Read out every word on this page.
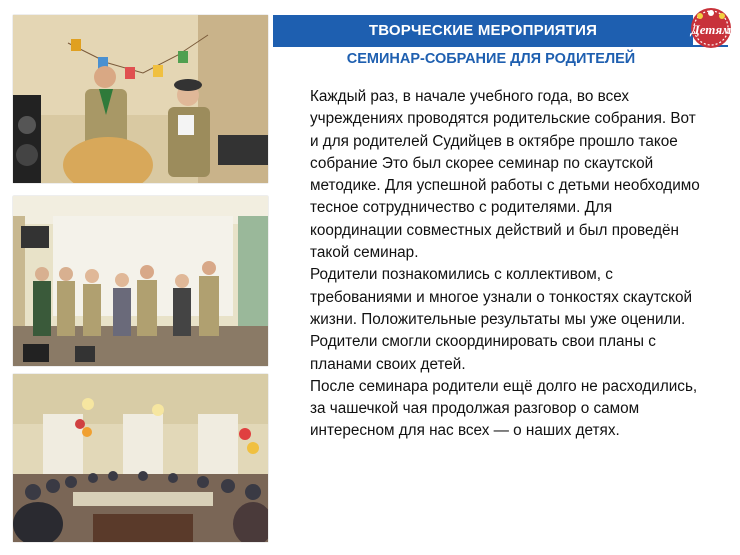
ТВОРЧЕСКИЕ МЕРОПРИЯТИЯ	Детям
СЕМИНАР-СОБРАНИЕ ДЛЯ РОДИТЕЛЕЙ

Каждый раз, в начале учебного года, во всех учреждениях проводятся родительские собрания. Вот и для родителей Судийцев в октябре прошло такое собрание Это был скорее семинар по скаутской методике. Для успешной работы с детьми необходимо тесное сотрудничество с родителями. Для координации совместных действий и был проведён такой семинар.

Родители познакомились с коллективом, с требованиями и многое узнали о тонкостях скаутской жизни. Положительные результаты мы уже оценили. Родители смогли скоординировать свои планы с планами своих детей.

После семинара родители ещё долго не расходились, за чашечкой чая продолжая разговор о самом интересном для нас всех — о наших детях.
